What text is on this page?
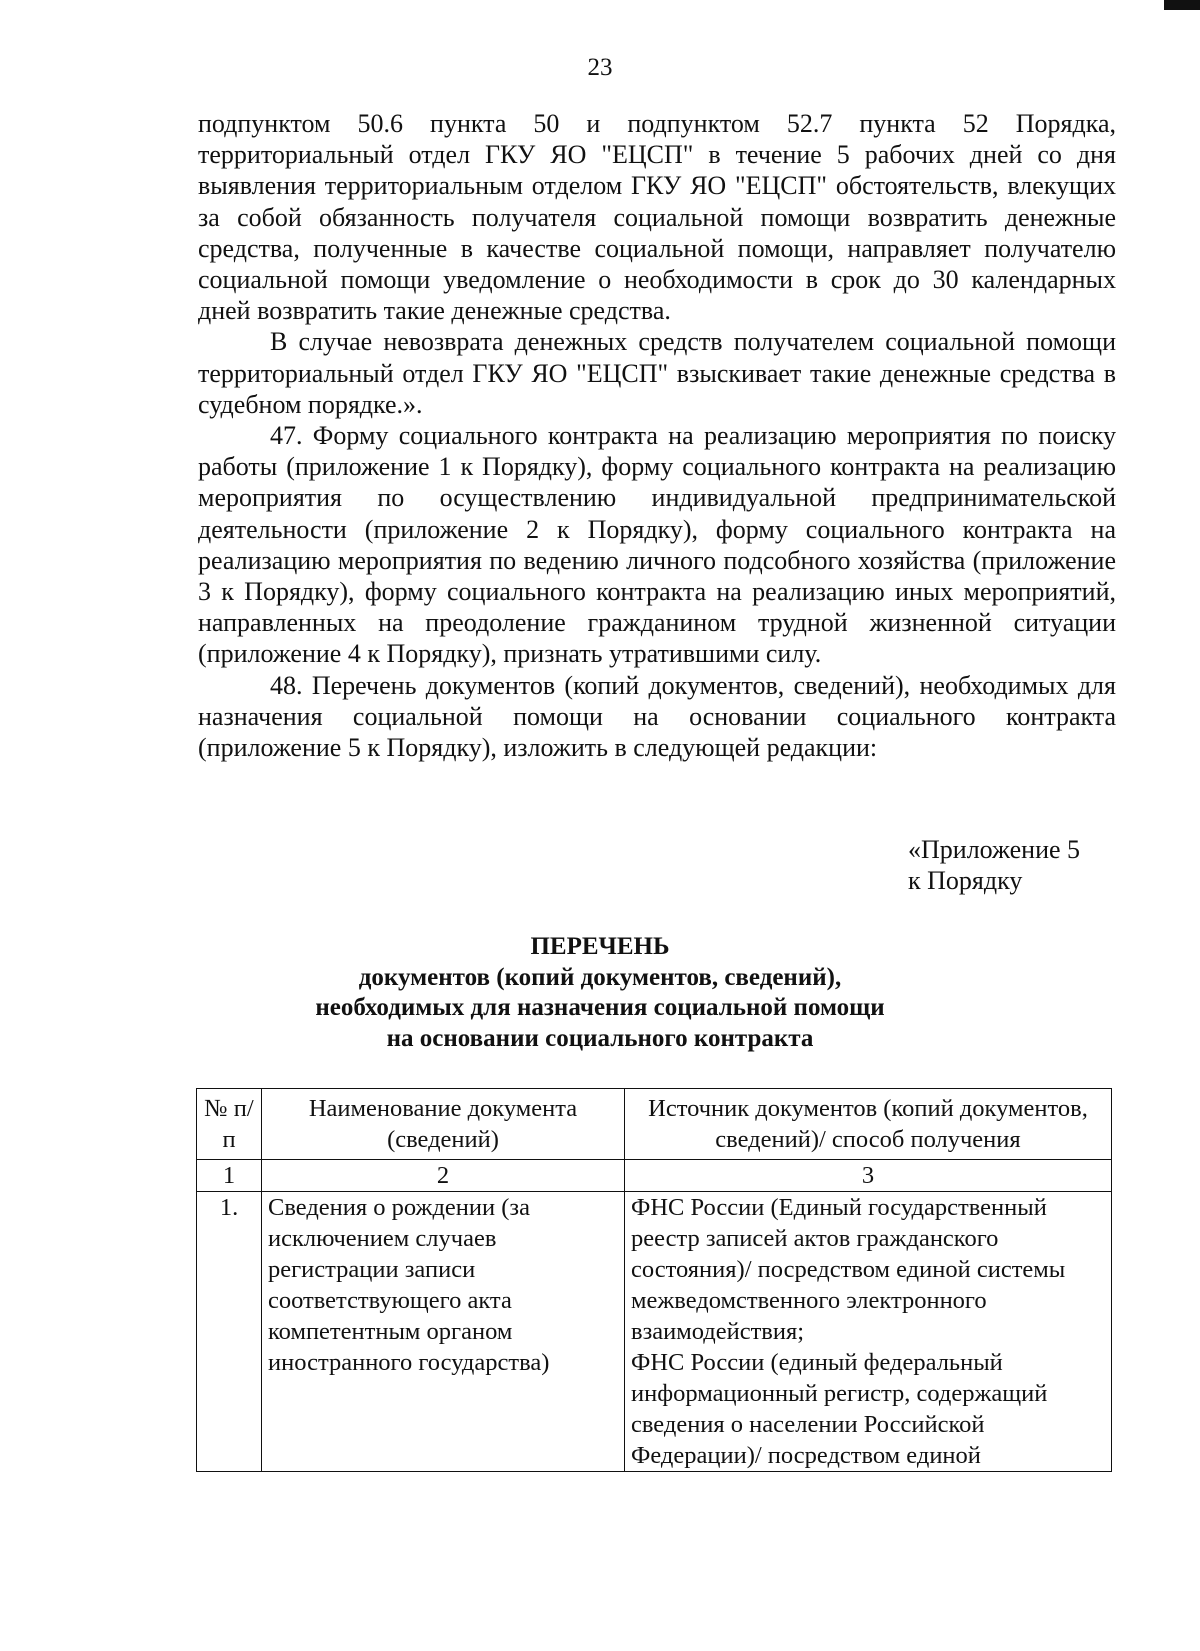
23

подпунктом 50.6 пункта 50 и подпунктом 52.7 пункта 52 Порядка, территориальный отдел ГКУ ЯО "ЕЦСП" в течение 5 рабочих дней со дня выявления территориальным отделом ГКУ ЯО "ЕЦСП" обстоятельств, влекущих за собой обязанность получателя социальной помощи возвратить денежные средства, полученные в качестве социальной помощи, направляет получателю социальной помощи уведомление о необходимости в срок до 30 календарных дней возвратить такие денежные средства.

В случае невозврата денежных средств получателем социальной помощи территориальный отдел ГКУ ЯО "ЕЦСП" взыскивает такие денежные средства в судебном порядке.».

47. Форму социального контракта на реализацию мероприятия по поиску работы (приложение 1 к Порядку), форму социального контракта на реализацию мероприятия по осуществлению индивидуальной предпринимательской деятельности (приложение 2 к Порядку), форму социального контракта на реализацию мероприятия по ведению личного подсобного хозяйства (приложение 3 к Порядку), форму социального контракта на реализацию иных мероприятий, направленных на преодоление гражданином трудной жизненной ситуации (приложение 4 к Порядку), признать утратившими силу.

48. Перечень документов (копий документов, сведений), необходимых для назначения социальной помощи на основании социального контракта (приложение 5 к Порядку), изложить в следующей редакции:

«Приложение 5
к Порядку
ПЕРЕЧЕНЬ
документов (копий документов, сведений),
необходимых для назначения социальной помощи
на основании социального контракта
№ п/п	Наименование документа (сведений)	Источник документов (копий документов, сведений)/ способ получения
1	2	3
1.	Сведения о рождении (за исключением случаев регистрации записи соответствующего акта компетентным органом иностранного государства)	ФНС России (Единый государственный реестр записей актов гражданского состояния)/ посредством единой системы межведомственного электронного взаимодействия;
ФНС России (единый федеральный информационный регистр, содержащий сведения о населении Российской Федерации)/ посредством единой
